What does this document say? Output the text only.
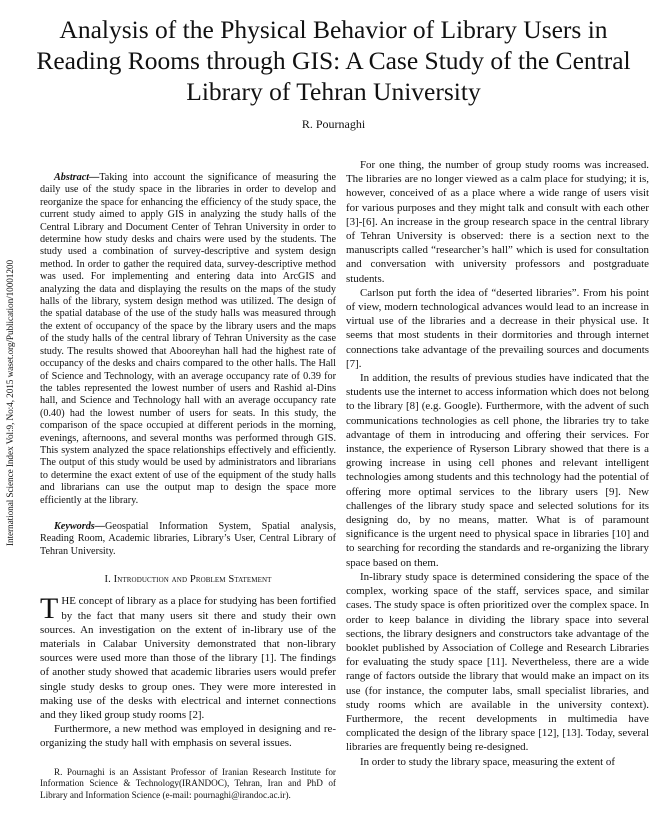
Analysis of the Physical Behavior of Library Users in Reading Rooms through GIS: A Case Study of the Central Library of Tehran University
R. Pournaghi
International Science Index Vol:9, No:4, 2015 waset.org/Publication/10001200

Abstract—Taking into account the significance of measuring the daily use of the study space in the libraries in order to develop and reorganize the space for enhancing the efficiency of the study space, the current study aimed to apply GIS in analyzing the study halls of the Central Library and Document Center of Tehran University in order to determine how study desks and chairs were used by the students. The study used a combination of survey-descriptive and system design method. In order to gather the required data, survey-descriptive method was used. For implementing and entering data into ArcGIS and analyzing the data and displaying the results on the maps of the study halls of the library, system design method was utilized. The design of the spatial database of the use of the study halls was measured through the extent of occupancy of the space by the library users and the maps of the study halls of the central library of Tehran University as the case study. The results showed that Abooreyhan hall had the highest rate of occupancy of the desks and chairs compared to the other halls. The Hall of Science and Technology, with an average occupancy rate of 0.39 for the tables represented the lowest number of users and Rashid al-Dins hall, and Science and Technology hall with an average occupancy rate (0.40) had the lowest number of users for seats. In this study, the comparison of the space occupied at different periods in the morning, evenings, afternoons, and several months was performed through GIS. This system analyzed the space relationships effectively and efficiently. The output of this study would be used by administrators and librarians to determine the exact extent of use of the equipment of the study halls and librarians can use the output map to design the space more efficiently at the library.

Keywords—Geospatial Information System, Spatial analysis, Reading Room, Academic libraries, Library’s User, Central Library of Tehran University.

I. Introduction and Problem Statement

THE concept of library as a place for studying has been fortified by the fact that many users sit there and study their own sources. An investigation on the extent of in-library use of the materials in Calabar University demonstrated that non-library sources were used more than those of the library [1]. The findings of another study showed that academic libraries users would prefer single study desks to group ones. They were more interested in making use of the desks with electrical and internet connections and they liked group study rooms [2].

Furthermore, a new method was employed in designing and re-organizing the study hall with emphasis on several issues.

R. Pournaghi is an Assistant Professor of Iranian Research Institute for Information Science & Technology(IRANDOC), Tehran, Iran and PhD of Library and Information Science (e-mail: pournaghi@irandoc.ac.ir).

For one thing, the number of group study rooms was increased. The libraries are no longer viewed as a calm place for studying; it is, however, conceived of as a place where a wide range of users visit for various purposes and they might talk and consult with each other [3]-[6]. An increase in the group research space in the central library of Tehran University is observed: there is a section next to the manuscripts called “researcher’s hall” which is used for consultation and conversation with university professors and postgraduate students.

Carlson put forth the idea of “deserted libraries”. From his point of view, modern technological advances would lead to an increase in virtual use of the libraries and a decrease in their physical use. It seems that most students in their dormitories and through internet connections take advantage of the prevailing sources and documents [7].

In addition, the results of previous studies have indicated that the students use the internet to access information which does not belong to the library [8] (e.g. Google). Furthermore, with the advent of such communications technologies as cell phone, the libraries try to take advantage of them in introducing and offering their services. For instance, the experience of Ryserson Library showed that there is a growing increase in using cell phones and relevant intelligent technologies among students and this technology had the potential of offering more optimal services to the library users [9]. New challenges of the library study space and selected solutions for its designing do, by no means, matter. What is of paramount significance is the urgent need to physical space in libraries [10] and to searching for recording the standards and re-organizing the library space based on them.

In-library study space is determined considering the space of the complex, working space of the staff, services space, and similar cases. The study space is often prioritized over the complex space. In order to keep balance in dividing the library space into several sections, the library designers and constructors take advantage of the booklet published by Association of College and Research Libraries for evaluating the study space [11]. Nevertheless, there are a wide range of factors outside the library that would make an impact on its use (for instance, the computer labs, small specialist libraries, and study rooms which are available in the university context). Furthermore, the recent developments in multimedia have complicated the design of the library space [12], [13]. Today, several libraries are frequently being re-designed.

In order to study the library space, measuring the extent of
